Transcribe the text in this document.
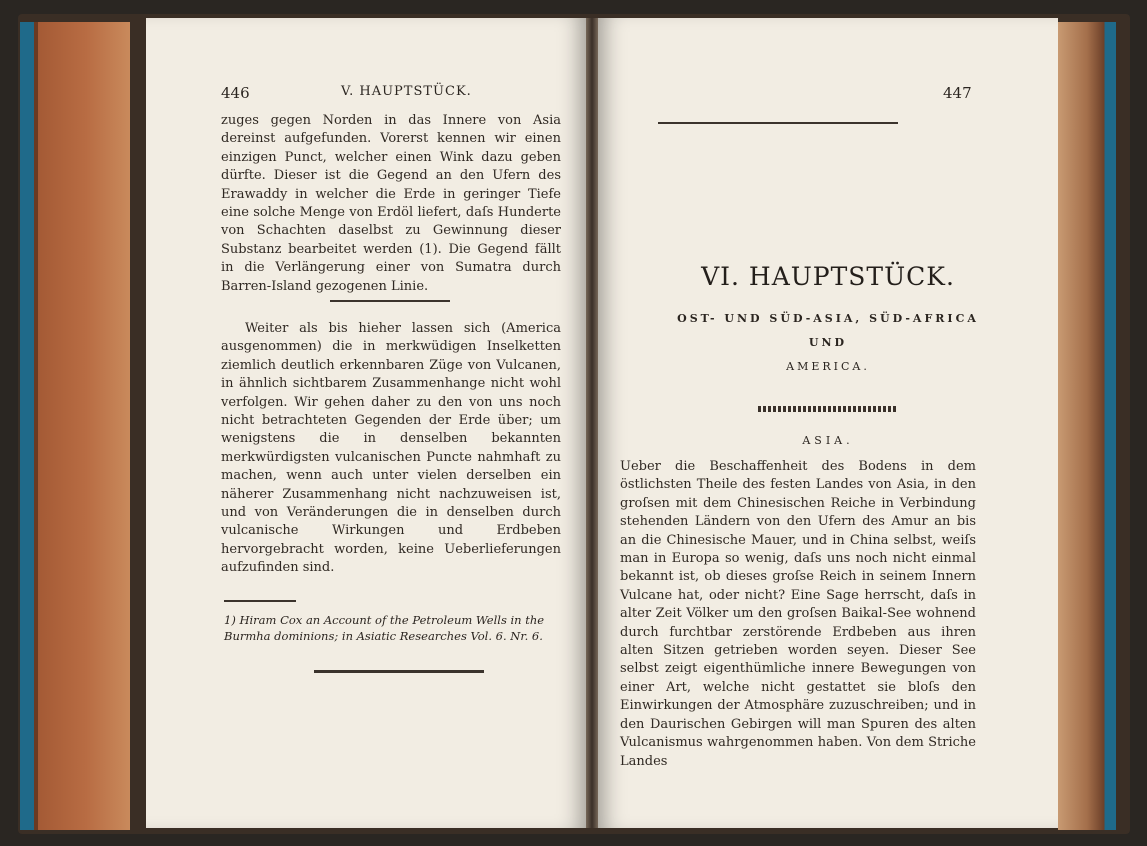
446	V. HAUPTSTÜCK.
zuges gegen Norden in das Innere von Asia dereinst aufgefunden. Vorerst kennen wir einen einzigen Punct, welcher einen Wink dazu geben dürfte. Dieser ist die Gegend an den Ufern des Erawaddy in welcher die Erde in geringer Tiefe eine solche Menge von Erdöl liefert, daſs Hunderte von Schachten daselbst zu Gewinnung dieser Substanz bearbeitet werden (1). Die Gegend fällt in die Verlängerung einer von Sumatra durch Barren-Island gezogenen Linie.
Weiter als bis hieher lassen sich (America ausgenommen) die in merkwüdigen Inselketten ziemlich deutlich erkennbaren Züge von Vulcanen, in ähnlich sichtbarem Zusammenhange nicht wohl verfolgen. Wir gehen daher zu den von uns noch nicht betrachteten Gegenden der Erde über; um wenigstens die in denselben bekannten merkwürdigsten vulcanischen Puncte nahmhaft zu machen, wenn auch unter vielen derselben ein näherer Zusammenhang nicht nachzuweisen ist, und von Veränderungen die in denselben durch vulcanische Wirkungen und Erdbeben hervorgebracht worden, keine Ueberlieferungen aufzufinden sind.
1) Hiram Cox an Account of the Petroleum Wells in the Burmha dominions; in Asiatic Researches Vol. 6. Nr. 6.
447
VI. HAUPTSTÜCK.
OST- UND SÜD-ASIA, SÜD-AFRICA
UND
AMERICA.
ASIA.
Ueber die Beschaffenheit des Bodens in dem östlichsten Theile des festen Landes von Asia, in den groſsen mit dem Chinesischen Reiche in Verbindung stehenden Ländern von den Ufern des Amur an bis an die Chinesische Mauer, und in China selbst, weiſs man in Europa so wenig, daſs uns noch nicht einmal bekannt ist, ob dieses groſse Reich in seinem Innern Vulcane hat, oder nicht? Eine Sage herrscht, daſs in alter Zeit Völker um den groſsen Baikal-See wohnend durch furchtbar zerstörende Erdbeben aus ihren alten Sitzen getrieben worden seyen. Dieser See selbst zeigt eigenthümliche innere Bewegungen von einer Art, welche nicht gestattet sie bloſs den Einwirkungen der Atmosphäre zuzuschreiben; und in den Daurischen Gebirgen will man Spuren des alten Vulcanismus wahrgenommen haben. Von dem Striche Landes
